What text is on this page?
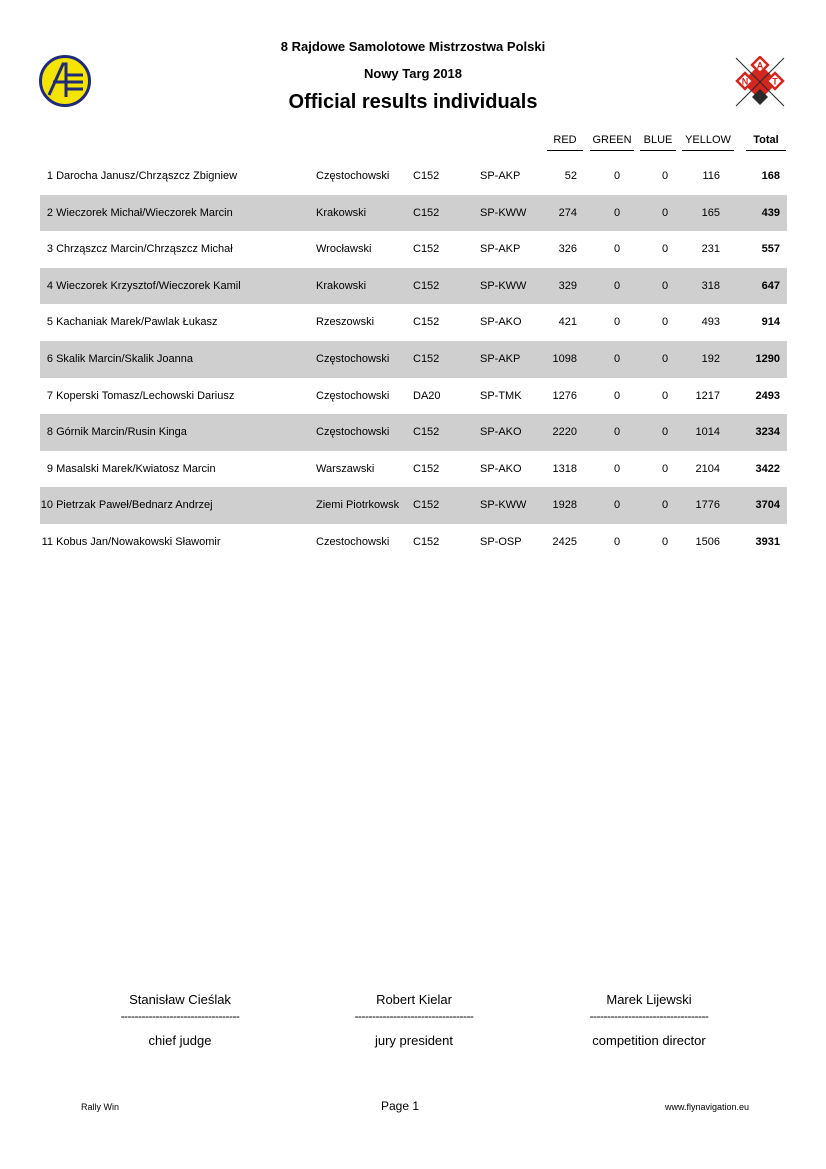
8 Rajdowe Samolotowe Mistrzostwa Polski
Nowy Targ 2018
Official results individuals
A
N	T
RED	GREEN	BLUE	YELLOW	Total
1 Darocha Janusz/Chrząszcz Zbigniew	Częstochowski	C152	SP-AKP	52	0	0	116	168
2 Wieczorek Michał/Wieczorek Marcin	Krakowski	C152	SP-KWW	274	0	0	165	439
3 Chrząszcz Marcin/Chrząszcz Michał	Wrocławski	C152	SP-AKP	326	0	0	231	557
4 Wieczorek Krzysztof/Wieczorek Kamil	Krakowski	C152	SP-KWW	329	0	0	318	647
5 Kachaniak Marek/Pawlak Łukasz	Rzeszowski	C152	SP-AKO	421	0	0	493	914
6 Skalik Marcin/Skalik Joanna	Częstochowski	C152	SP-AKP	1098	0	0	192	1290
7 Koperski Tomasz/Lechowski Dariusz	Częstochowski	DA20	SP-TMK	1276	0	0	1217	2493
8 Górnik Marcin/Rusin Kinga	Częstochowski	C152	SP-AKO	2220	0	0	1014	3234
9 Masalski Marek/Kwiatosz Marcin	Warszawski	C152	SP-AKO	1318	0	0	2104	3422
10 Pietrzak Paweł/Bednarz Andrzej	Ziemi Piotrkowsk	C152	SP-KWW	1928	0	0	1776	3704
11 Kobus Jan/Nowakowski Sławomir	Czestochowski	C152	SP-OSP	2425	0	0	1506	3931
Stanisław Cieślak
----------------------------------
chief judge
Robert Kielar
----------------------------------
jury president
Marek Lijewski
----------------------------------
competition director
Rally Win	Page 1	www.flynavigation.eu
